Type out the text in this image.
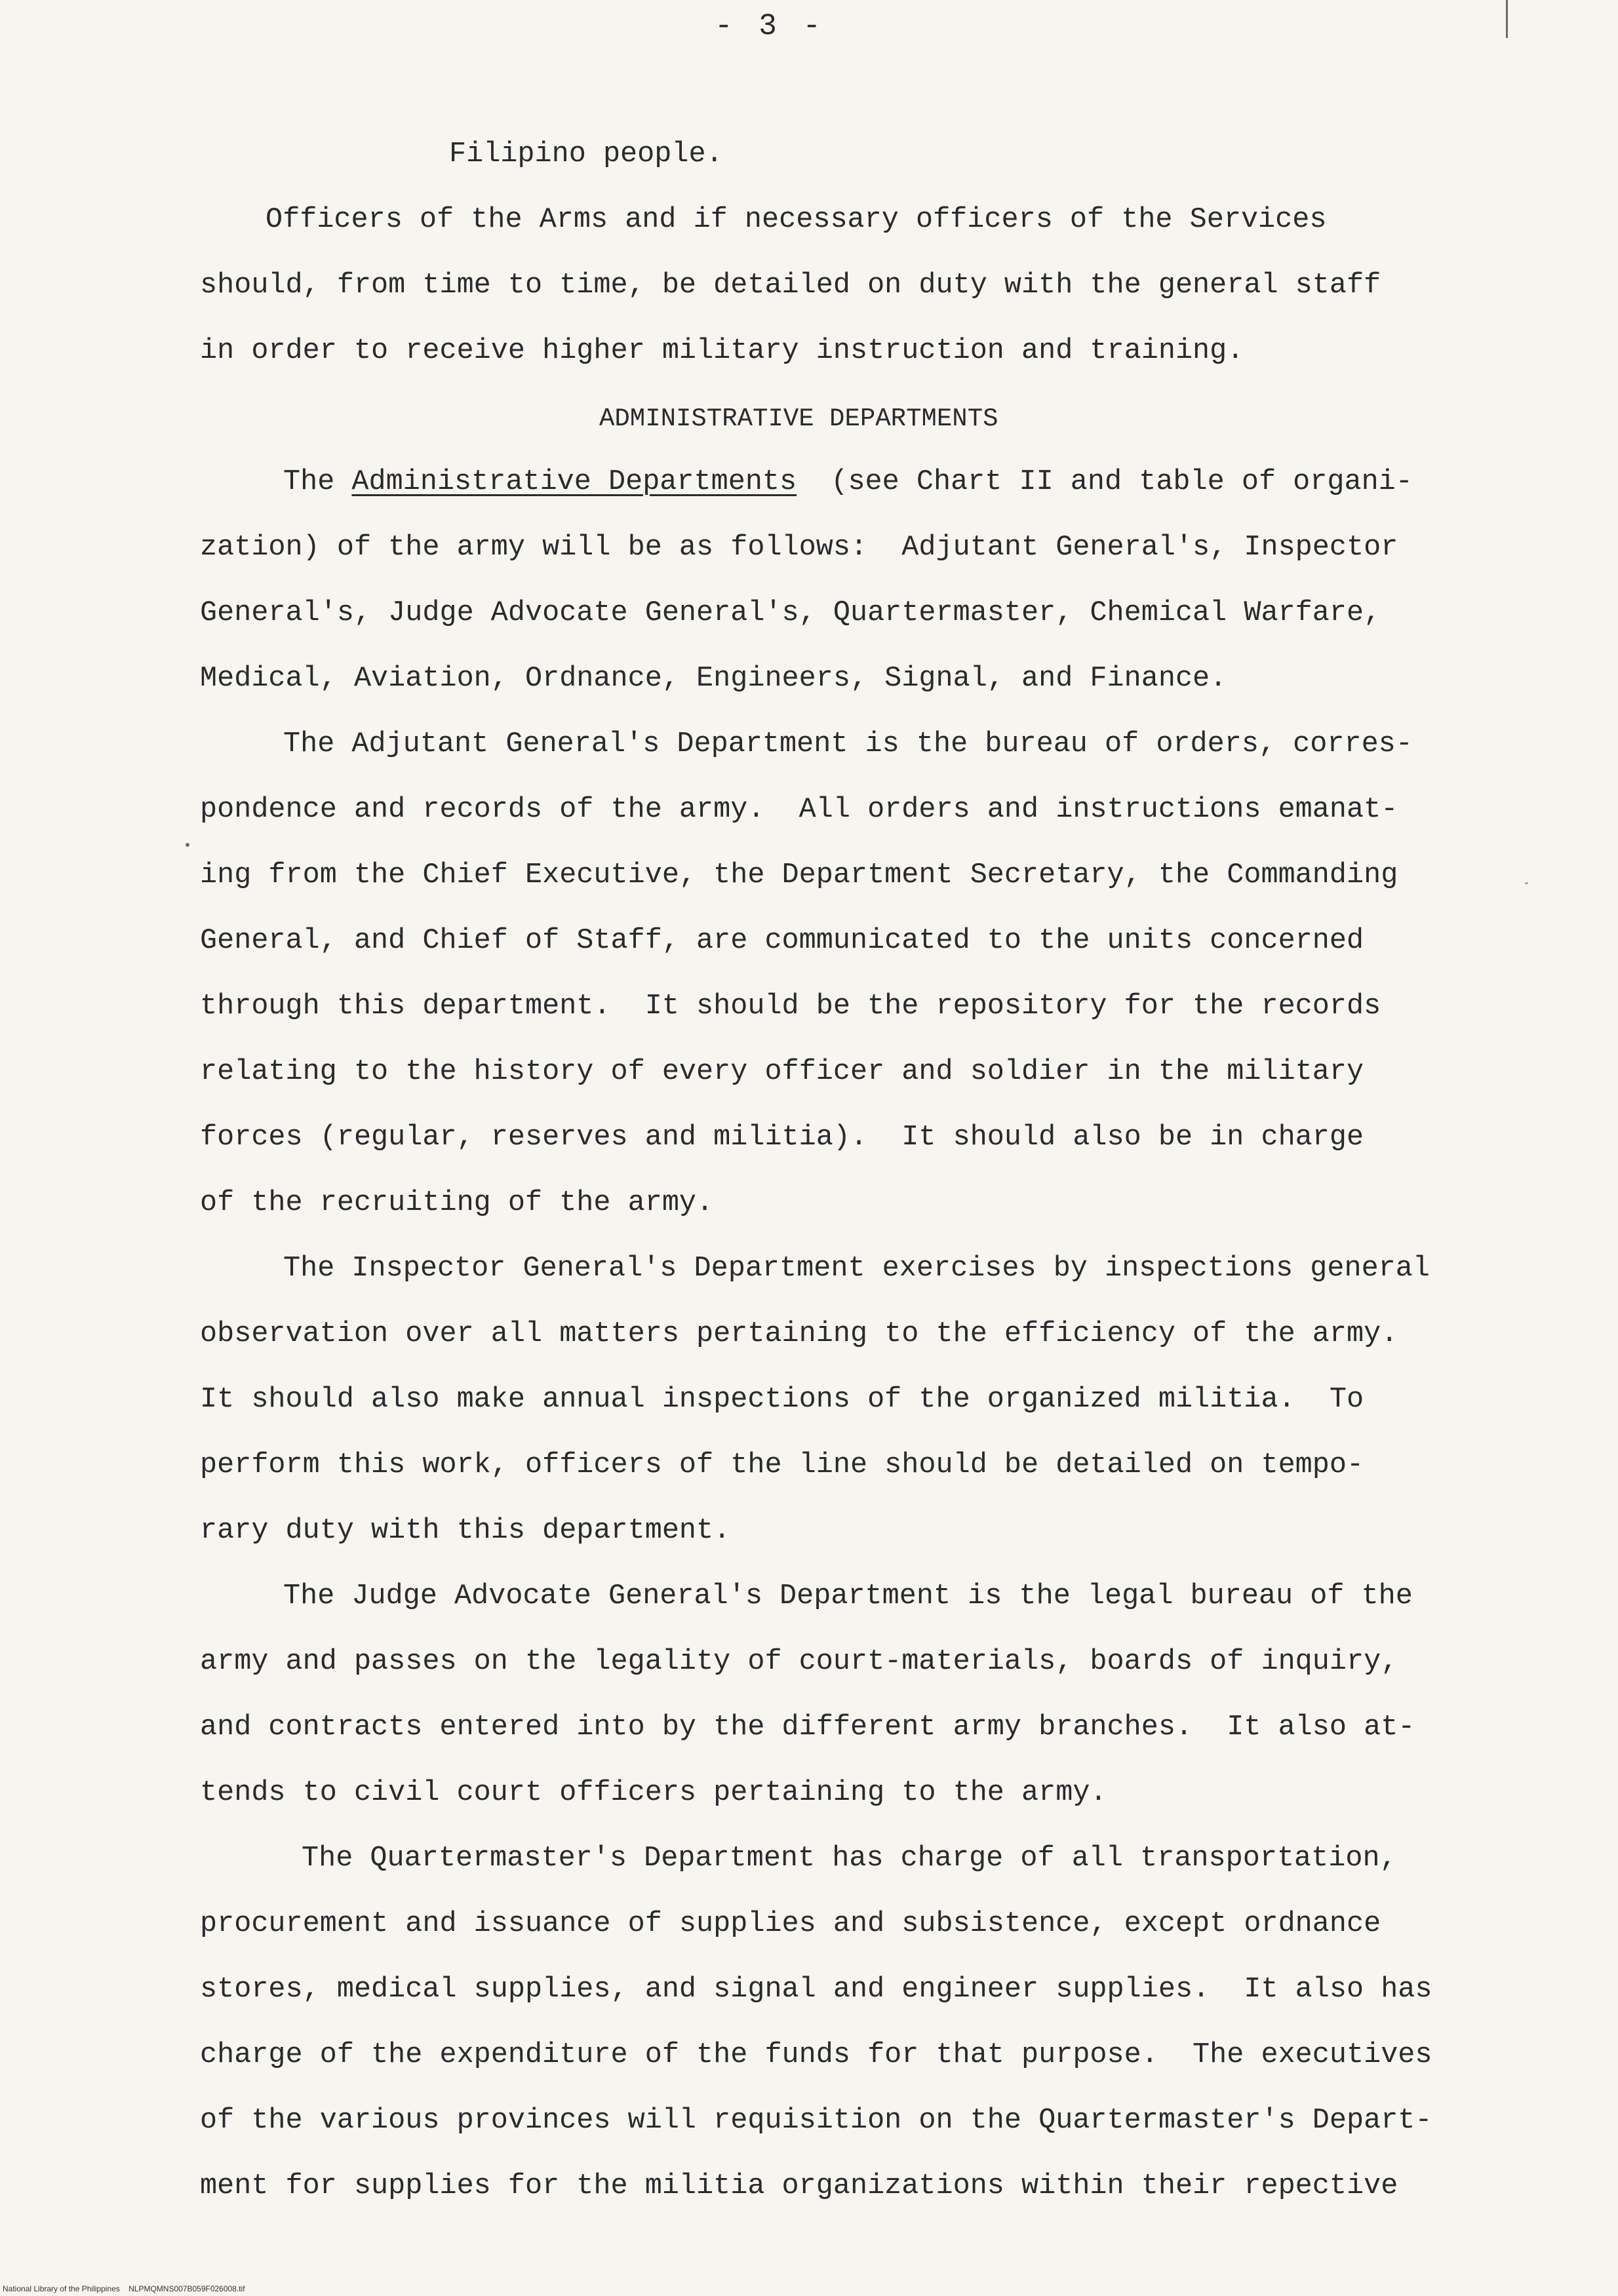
- 3 -
Filipino people.
Officers of the Arms and if necessary officers of the Services
should, from time to time, be detailed on duty with the general staff
in order to receive higher military instruction and training.
ADMINISTRATIVE DEPARTMENTS
The Administrative Departments  (see Chart II and table of organi-
zation) of the army will be as follows:  Adjutant General's, Inspector
General's, Judge Advocate General's, Quartermaster, Chemical Warfare,
Medical, Aviation, Ordnance, Engineers, Signal, and Finance.
The Adjutant General's Department is the bureau of orders, corres-
pondence and records of the army.  All orders and instructions emanat-
ing from the Chief Executive, the Department Secretary, the Commanding
General, and Chief of Staff, are communicated to the units concerned
through this department.  It should be the repository for the records
relating to the history of every officer and soldier in the military
forces (regular, reserves and militia).  It should also be in charge
of the recruiting of the army.
The Inspector General's Department exercises by inspections general
observation over all matters pertaining to the efficiency of the army.
It should also make annual inspections of the organized militia.  To
perform this work, officers of the line should be detailed on tempo-
rary duty with this department.
The Judge Advocate General's Department is the legal bureau of the
army and passes on the legality of court-materials, boards of inquiry,
and contracts entered into by the different army branches.  It also at-
tends to civil court officers pertaining to the army.
The Quartermaster's Department has charge of all transportation,
procurement and issuance of supplies and subsistence, except ordnance
stores, medical supplies, and signal and engineer supplies.  It also has
charge of the expenditure of the funds for that purpose.  The executives
of the various provinces will requisition on the Quartermaster's Depart-
ment for supplies for the militia organizations within their repective
National Library of the Philippines    NLPMQMNS007B059F026008.tif
